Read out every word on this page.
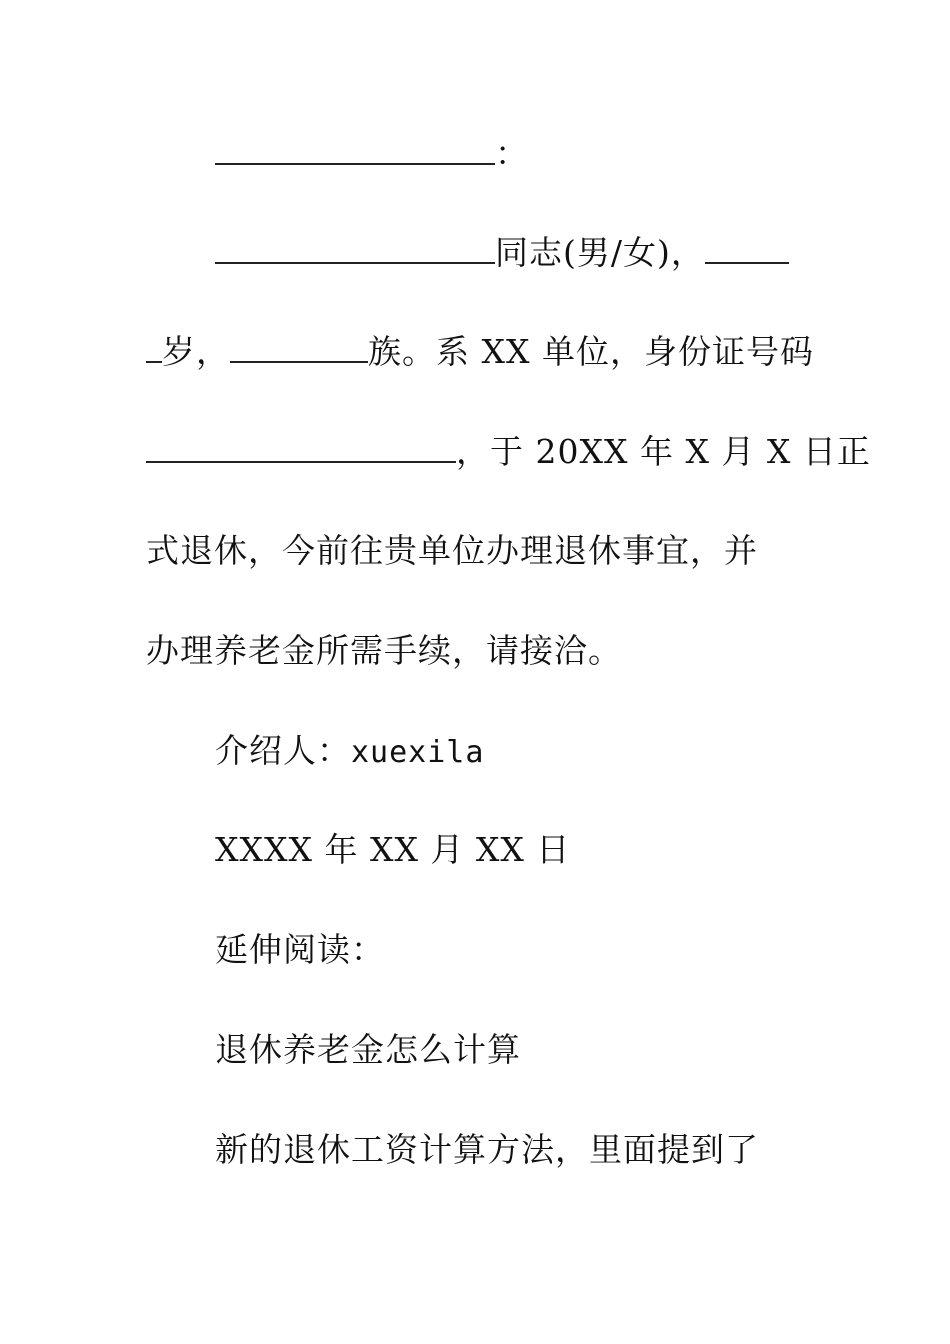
：
同志(男/女)，
岁，	族。系 XX 单位，身份证号码
，于 20XX 年 X 月 X 日正
式退休，今前往贵单位办理退休事宜，并
办理养老金所需手续，请接洽。
介绍人：xuexila
XXXX 年 XX 月 XX 日
延伸阅读：
退休养老金怎么计算
新的退休工资计算方法，里面提到了
